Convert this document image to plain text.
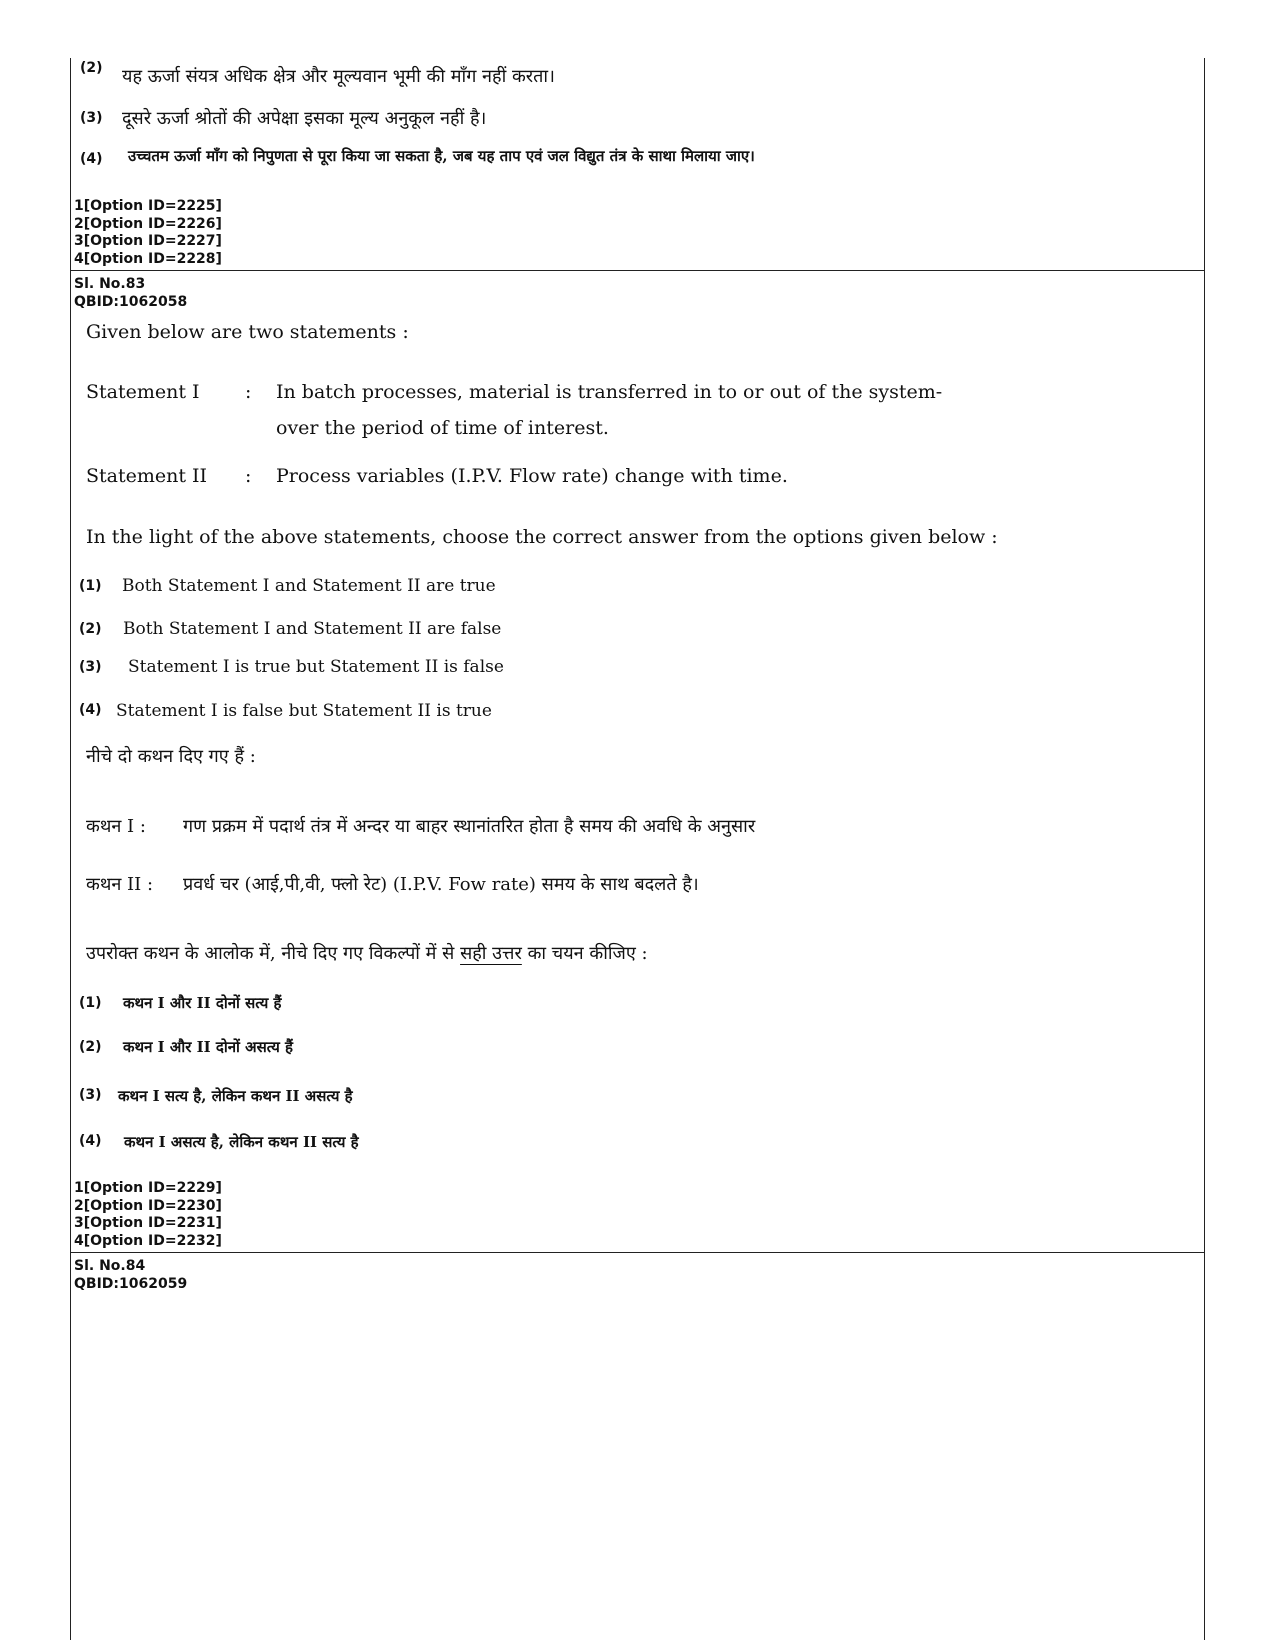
(2) यह ऊर्जा संयत्र अधिक क्षेत्र और मूल्यवान भूमी की माँग नहीं करता।
(3) दूसरे ऊर्जा श्रोतों की अपेक्षा इसका मूल्य अनुकूल नहीं है।
(4) उच्चतम ऊर्जा माँग को निपुणता से पूरा किया जा सकता है, जब यह ताप एवं जल विद्युत तंत्र के साथा मिलाया जाए।
1[Option ID=2225]
2[Option ID=2226]
3[Option ID=2227]
4[Option ID=2228]
Sl. No.83
QBID:1062058
Given below are two statements :
Statement I : In batch processes, material is transferred in to or out of the system-
over the period of time of interest.
Statement II : Process variables (I.P.V. Flow rate) change with time.
In the light of the above statements, choose the correct answer from the options given below :
(1) Both Statement I and Statement II are true
(2) Both Statement I and Statement II are false
(3) Statement I is true but Statement II is false
(4) Statement I is false but Statement II is true
नीचे दो कथन दिए गए हैं :
कथन I : गण प्रक्रम में पदार्थ तंत्र में अन्दर या बाहर स्थानांतरित होता है समय की अवधि के अनुसार
कथन II : प्रवर्ध चर (आई,पी,वी, फ्लो रेट) (I.P.V. Fow rate) समय के साथ बदलते है।
उपरोक्त कथन के आलोक में, नीचे दिए गए विकल्पों में से सही उत्तर का चयन कीजिए :
(1) कथन I और II दोनों सत्य हैं
(2) कथन I और II दोनों असत्य हैं
(3) कथन I सत्य है, लेकिन कथन II असत्य है
(4) कथन I असत्य है, लेकिन कथन II सत्य है
1[Option ID=2229]
2[Option ID=2230]
3[Option ID=2231]
4[Option ID=2232]
Sl. No.84
QBID:1062059
